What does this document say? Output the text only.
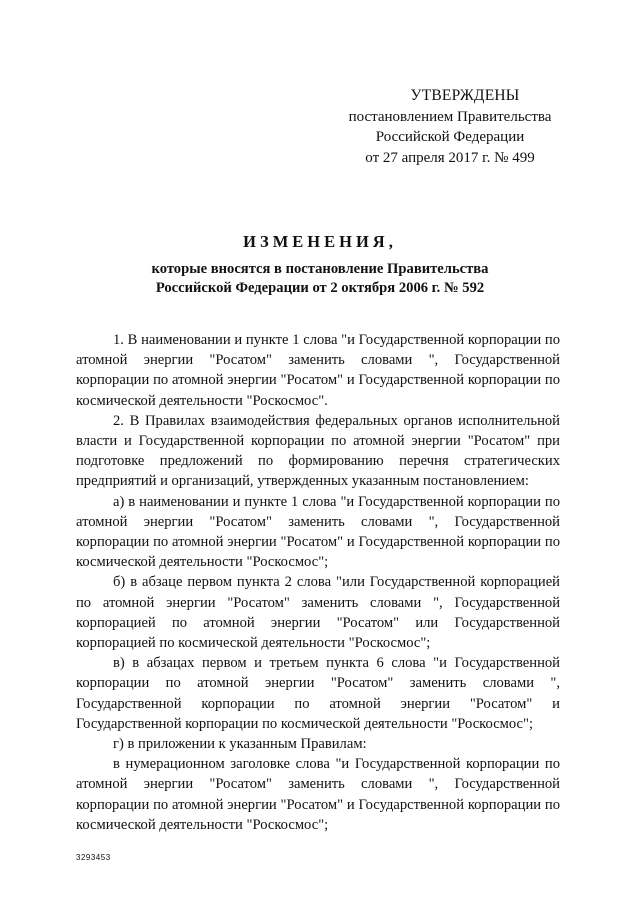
УТВЕРЖДЕНЫ
постановлением Правительства
Российской Федерации
от 27 апреля 2017 г. № 499
ИЗМЕНЕНИЯ,
которые вносятся в постановление Правительства
Российской Федерации от 2 октября 2006 г. № 592

1. В наименовании и пункте 1 слова "и Государственной корпорации по атомной энергии "Росатом" заменить словами ", Государственной корпорации по атомной энергии "Росатом" и Государственной корпорации по космической деятельности "Роскосмос".

2. В Правилах взаимодействия федеральных органов исполнительной власти и Государственной корпорации по атомной энергии "Росатом" при подготовке предложений по формированию перечня стратегических предприятий и организаций, утвержденных указанным постановлением:

а) в наименовании и пункте 1 слова "и Государственной корпорации по атомной энергии "Росатом" заменить словами ", Государственной корпорации по атомной энергии "Росатом" и Государственной корпорации по космической деятельности "Роскосмос";

б) в абзаце первом пункта 2 слова "или Государственной корпорацией по атомной энергии "Росатом" заменить словами ", Государственной корпорацией по атомной энергии "Росатом" или Государственной корпорацией по космической деятельности "Роскосмос";

в) в абзацах первом и третьем пункта 6 слова "и Государственной корпорации по атомной энергии "Росатом" заменить словами ", Государственной корпорации по атомной энергии "Росатом" и Государственной корпорации по космической деятельности "Роскосмос";

г) в приложении к указанным Правилам:

в нумерационном заголовке слова "и Государственной корпорации по атомной энергии "Росатом" заменить словами ", Государственной корпорации по атомной энергии "Росатом" и Государственной корпорации по космической деятельности "Роскосмос";

3293453
